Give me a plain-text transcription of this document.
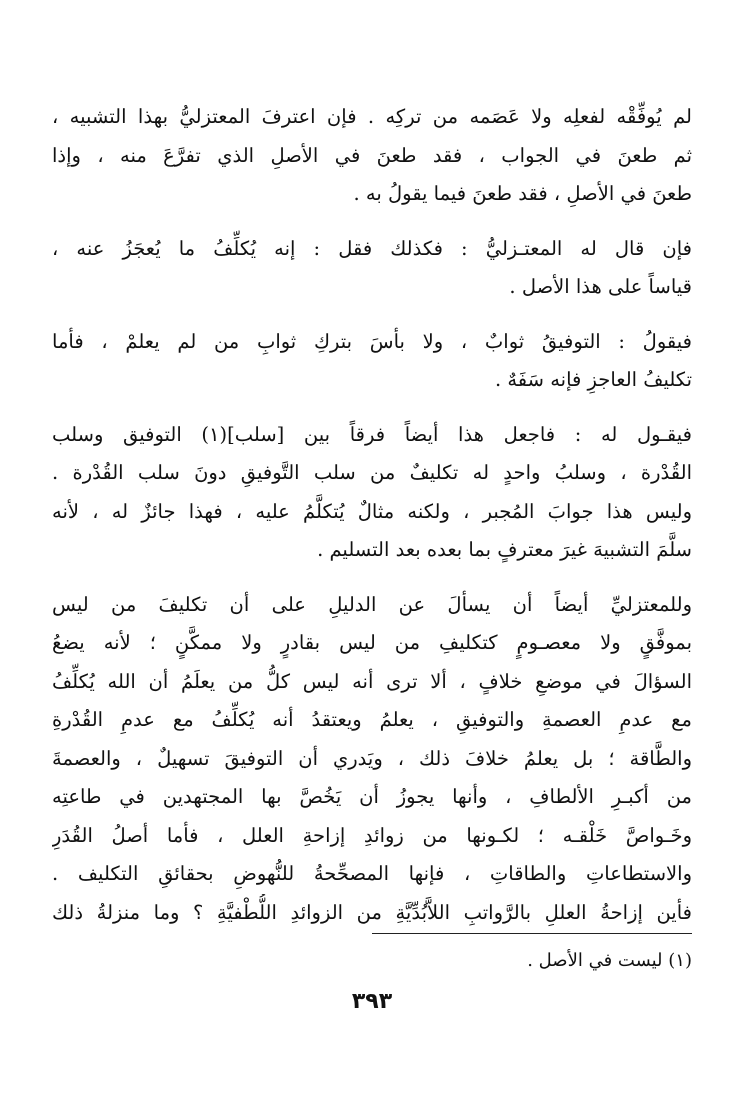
لم يُوفِّقْه لفعلِه ولا عَصَمه من تركِه . فإن اعترفَ المعتزليُّ بهذا التشبيه ،
ثم طعنَ في الجواب ، فقد طعنَ في الأصلِ الذي تفرَّعَ منه ، وإذا
طعنَ في الأصلِ ، فقد طعنَ فيما يقولُ به .
فإن قال له المعتـزليُّ : فكذلك فقل : إنه يُكلِّفُ ما يُعجَزُ عنه ،
قياساً على هذا الأصل .
فيقولُ : التوفيقُ ثوابٌ ، ولا بأسَ بتركِ ثوابِ من لم يعلمْ ، فأما
تكليفُ العاجزِ فإنه سَفَهٌ .
فيقـول له : فاجعل هذا أيضاً فرقاً بين [سلب](١) التوفيق وسلب
القُدْرة ، وسلبُ واحدٍ له تكليفٌ من سلب التَّوفيقِ دونَ سلب القُدْرة .
وليس هذا جوابَ المُجبر ، ولكنه مثالٌ يُتكلَّمُ عليه ، فهذا جائزٌ له ، لأنه
سلَّمَ التشبيهَ غيرَ معترفٍ بما بعده بعد التسليم .
وللمعتزليِّ أيضاً أن يسألَ عن الدليلِ على أن تكليفَ من ليس
بموفَّقٍ ولا معصـومٍ كتكليفِ من ليس بقادرٍ ولا ممكَّنٍ ؛ لأنه يضعُ
السؤالَ في موضعِ خلافٍ ، ألا ترى أنه ليس كلُّ من يعلَمُ أن الله يُكلِّفُ
مع عدمِ العصمةِ والتوفيقِ ، يعلمُ ويعتقدُ أنه يُكلِّفُ مع عدمِ القُدْرةِ
والطَّاقة ؛ بل يعلمُ خلافَ ذلك ، ويَدري أن التوفيقَ تسهيلٌ ، والعصمةَ
من أكبـرِ الألطافِ ، وأنها يجوزُ أن يَخُصَّ بها المجتهدين في طاعتِه
وخَـواصَّ خَلْقـه ؛ لكـونها من زوائدِ إزاحةِ العلل ، فأما أصلُ القُدَرِ
والاستطاعاتِ والطاقاتِ ، فإنها المصحِّحةُ للنُّهوضِ بحقائقِ التكليف .
فأين إزاحةُ العللِ بالرَّواتبِ اللاَّبُدِّيَّةِ من الزوائدِ اللُّطْفيَّةِ ؟ وما منزلةُ ذلك
(١) ليست في الأصل .
٣٩٣
